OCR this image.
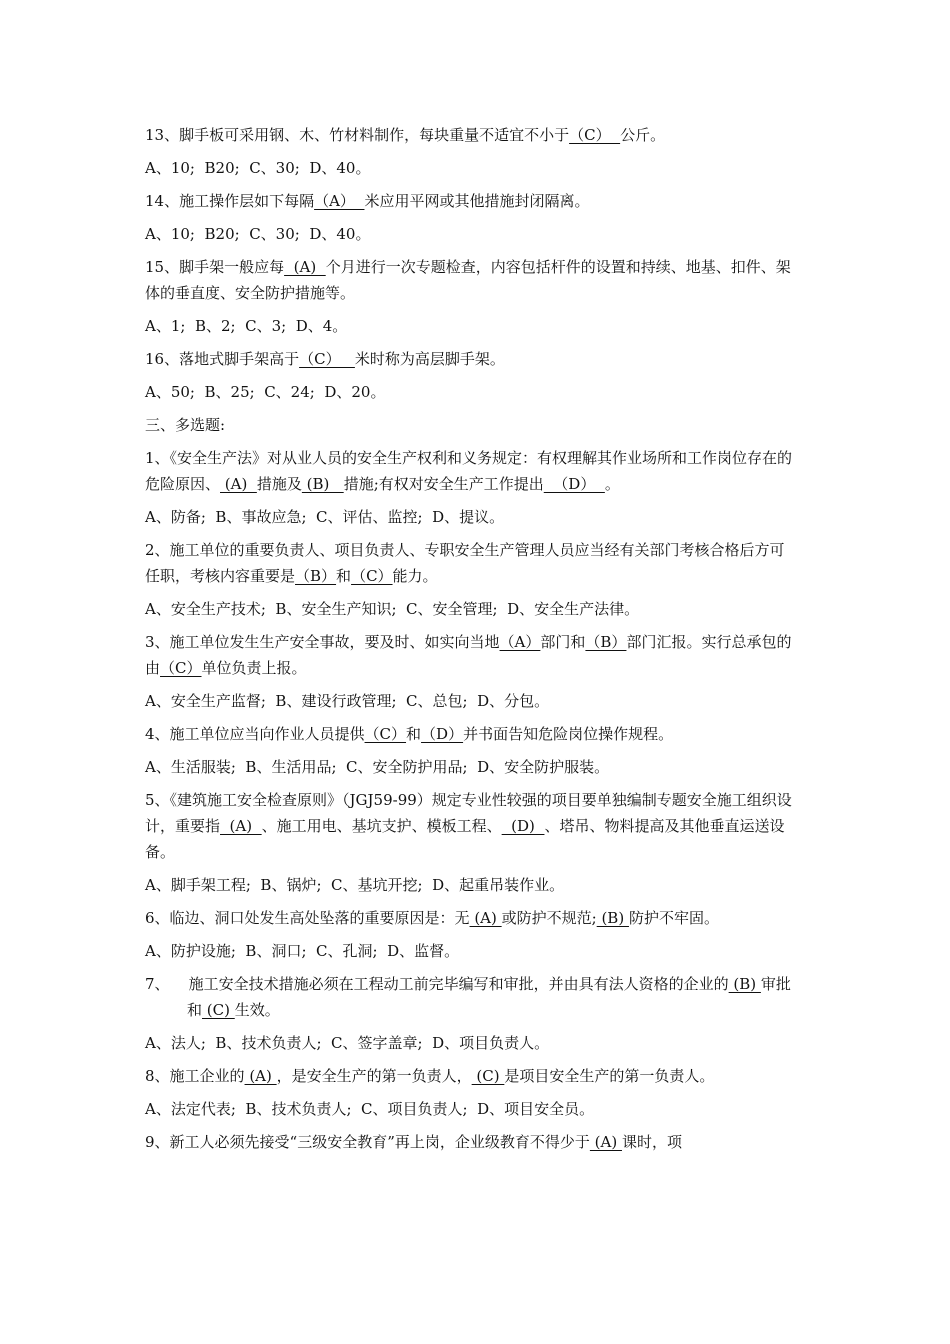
13、脚手板可采用钢、木、竹材料制作，每块重量不适宜不小于（C）  公斤。

A、10;  B20;  C、30;  D、40。

14、施工操作层如下每隔（A）  米应用平网或其他措施封闭隔离。

A、10;  B20;  C、30;  D、40。

15、脚手架一般应每  (A)  个月进行一次专题检查，内容包括杆件的设置和持续、地基、扣件、架体的垂直度、安全防护措施等。

A、1;  B、2;  C、3;  D、4。

16、落地式脚手架高于（C）   米时称为高层脚手架。

A、50;  B、25;  C、24;  D、20。

三、多选题:

1、《安全生产法》对从业人员的安全生产权利和义务规定：有权理解其作业场所和工作岗位存在的危险原因、 (A)  措施及 (B)   措施;有权对安全生产工作提出  （D）  。

A、防备;  B、事故应急;  C、评估、监控;  D、提议。

2、施工单位的重要负责人、项目负责人、专职安全生产管理人员应当经有关部门考核合格后方可任职，考核内容重要是（B）和（C）能力。

A、安全生产技术;  B、安全生产知识;  C、安全管理;  D、安全生产法律。

3、施工单位发生生产安全事故，要及时、如实向当地（A）部门和（B）部门汇报。实行总承包的由（C）单位负责上报。

A、安全生产监督;  B、建设行政管理;  C、总包;  D、分包。

4、施工单位应当向作业人员提供（C）和（D）并书面告知危险岗位操作规程。

A、生活服装;  B、生活用品;  C、安全防护用品;  D、安全防护服装。

5、《建筑施工安全检查原则》（JGJ59-99）规定专业性较强的项目要单独编制专题安全施工组织设计，重要指  (A)  、施工用电、基坑支护、模板工程、  (D)  、塔吊、物料提高及其他垂直运送设备。

A、脚手架工程;  B、锅炉;  C、基坑开挖;  D、起重吊装作业。

6、临边、洞口处发生高处坠落的重要原因是：无 (A) 或防护不规范; (B) 防护不牢固。

A、防护设施;  B、洞口;  C、孔洞;  D、监督。

7、    施工安全技术措施必须在工程动工前完毕编写和审批，并由具有法人资格的企业的 (B) 审批和 (C) 生效。

A、法人;  B、技术负责人;  C、签字盖章;  D、项目负责人。

8、施工企业的 (A) ，是安全生产的第一负责人， (C) 是项目安全生产的第一负责人。

A、法定代表;  B、技术负责人;  C、项目负责人;  D、项目安全员。

9、新工人必须先接受“三级安全教育”再上岗，企业级教育不得少于 (A) 课时，项
